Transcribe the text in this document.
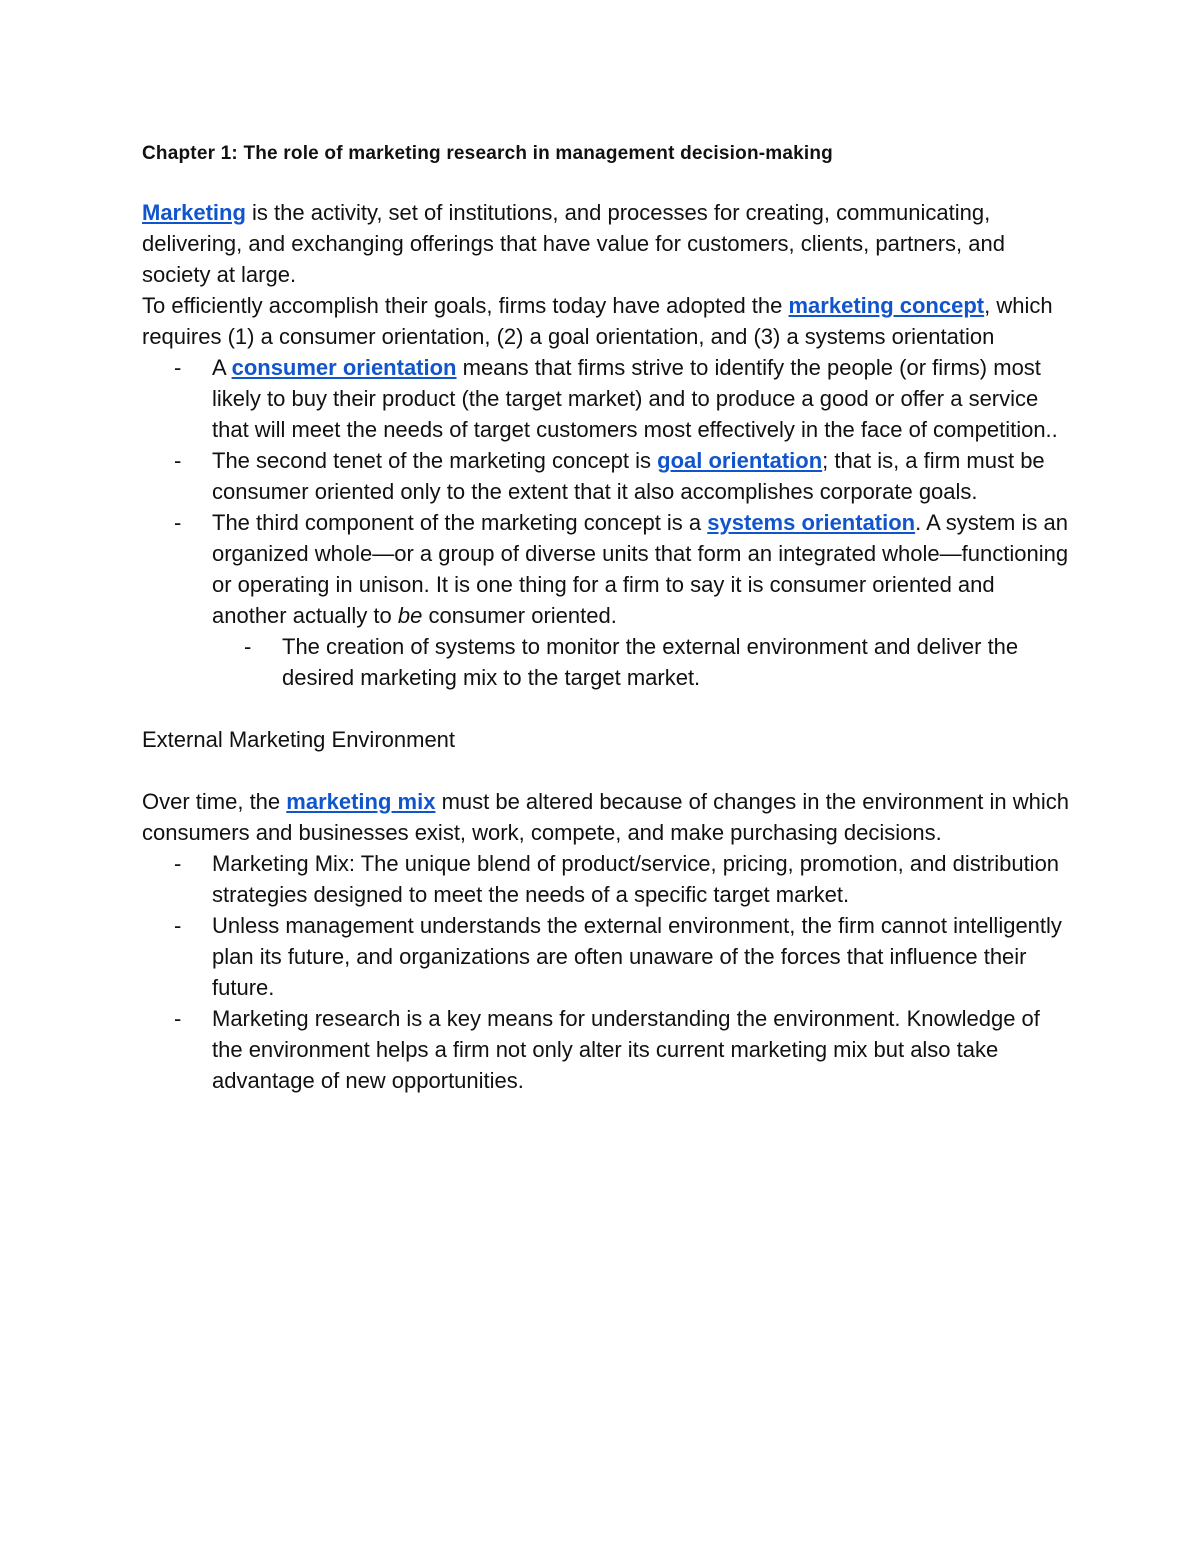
Chapter 1: The role of marketing research in management decision-making

Marketing is the activity, set of institutions, and processes for creating, communicating, delivering, and exchanging offerings that have value for customers, clients, partners, and society at large.

To efficiently accomplish their goals, firms today have adopted the marketing concept, which requires (1) a consumer orientation, (2) a goal orientation, and (3) a systems orientation

- A consumer orientation means that firms strive to identify the people (or firms) most likely to buy their product (the target market) and to produce a good or offer a service that will meet the needs of target customers most effectively in the face of competition..
- The second tenet of the marketing concept is goal orientation; that is, a firm must be consumer oriented only to the extent that it also accomplishes corporate goals.
- The third component of the marketing concept is a systems orientation. A system is an organized whole—or a group of diverse units that form an integrated whole—functioning or operating in unison. It is one thing for a firm to say it is consumer oriented and another actually to be consumer oriented.
- The creation of systems to monitor the external environment and deliver the desired marketing mix to the target market.

External Marketing Environment

Over time, the marketing mix must be altered because of changes in the environment in which consumers and businesses exist, work, compete, and make purchasing decisions.

- Marketing Mix: The unique blend of product/service, pricing, promotion, and distribution strategies designed to meet the needs of a specific target market.
- Unless management understands the external environment, the firm cannot intelligently plan its future, and organizations are often unaware of the forces that influence their future.
- Marketing research is a key means for understanding the environment. Knowledge of the environment helps a firm not only alter its current marketing mix but also take advantage of new opportunities.
